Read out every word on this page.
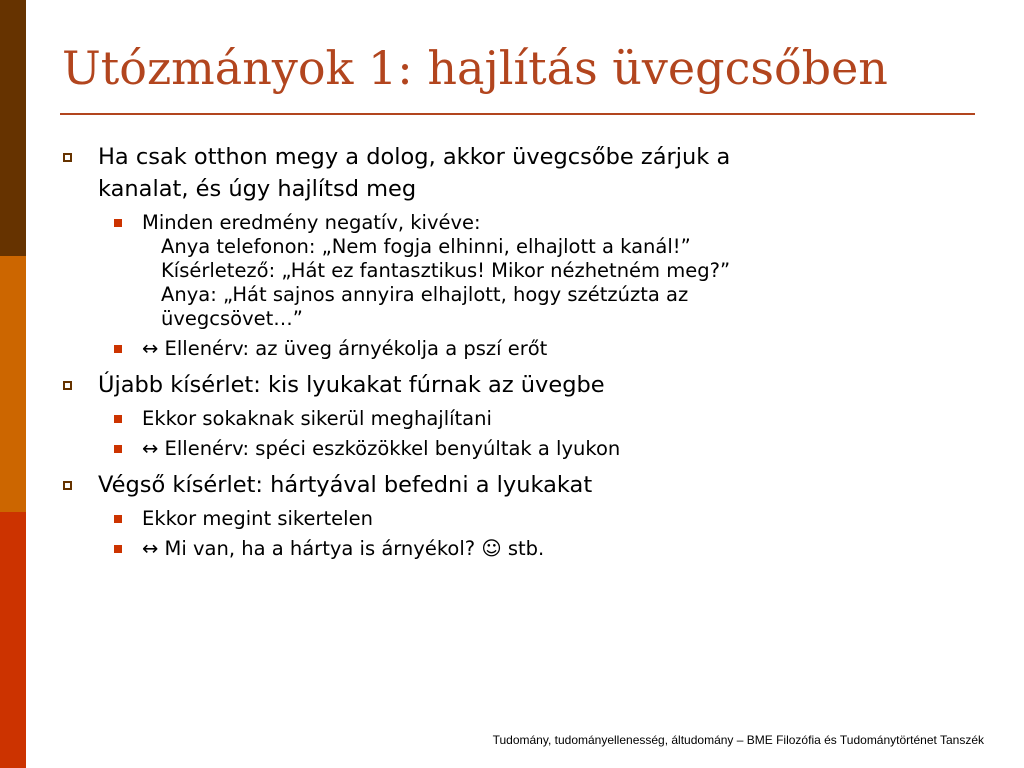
Utózmányok 1: hajlítás üvegcsőben
Ha csak otthon megy a dolog, akkor üvegcsőbe zárjuk a
kanalat, és úgy hajlítsd meg
Minden eredmény negatív, kivéve:
Anya telefonon: „Nem fogja elhinni, elhajlott a kanál!”
Kísérletező: „Hát ez fantasztikus! Mikor nézhetném meg?”
Anya: „Hát sajnos annyira elhajlott, hogy szétzúzta az
üvegcsövet…”
↔ Ellenérv: az üveg árnyékolja a pszí erőt
Újabb kísérlet: kis lyukakat fúrnak az üvegbe
Ekkor sokaknak sikerül meghajlítani
↔ Ellenérv: spéci eszközökkel benyúltak a lyukon
Végső kísérlet: hártyával befedni a lyukakat
Ekkor megint sikertelen
↔ Mi van, ha a hártya is árnyékol? ☺ stb.
Tudomány, tudományellenesség, áltudomány – BME Filozófia és Tudománytörténet Tanszék
